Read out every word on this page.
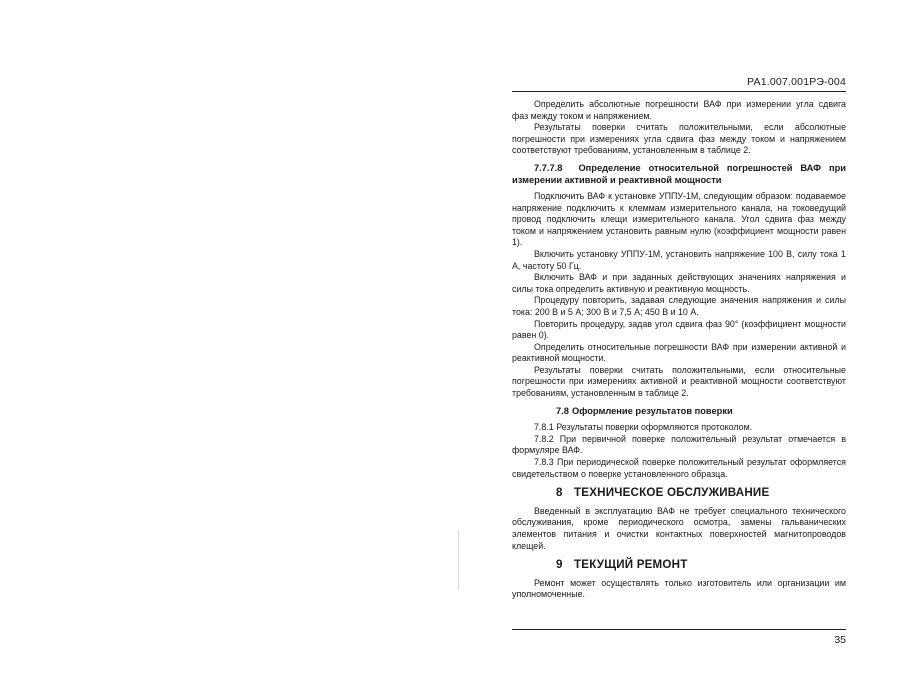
РА1.007.001РЭ-004

Определить абсолютные погрешности ВАФ при измерении угла сдвига фаз между током и напряжением.

Результаты поверки считать положительными, если абсолютные погрешности при измерениях угла сдвига фаз между током и напряжением соответствуют требованиям, установленным в таблице 2.

7.7.7.8 Определение относительной погрешностей ВАФ при измерении активной и реактивной мощности

Подключить ВАФ к установке УППУ-1М, следующим образом: подаваемое напряжение подключить к клеммам измерительного канала, на токоведущий провод подключить клещи измерительного канала. Угол сдвига фаз между током и напряжением установить равным нулю (коэффициент мощности равен 1).

Включить установку УППУ-1М, установить напряжение 100 В, силу тока 1 А, частоту 50 Гц.

Включить ВАФ и при заданных действующих значениях напряжения и силы тока определить активную и реактивную мощность.

Процедуру повторить, задавая следующие значения напряжения и силы тока: 200 В и 5 А; 300 В и 7,5 А; 450 В и 10 А.

Повторить процедуру, задав угол сдвига фаз 90° (коэффициент мощности равен 0).

Определить относительные погрешности ВАФ при измерении активной и реактивной мощности.

Результаты поверки считать положительными, если относительные погрешности при измерениях активной и реактивной мощности соответствуют требованиям, установленным в таблице 2.

7.8 Оформление результатов поверки

7.8.1 Результаты поверки оформляются протоколом.

7.8.2 При первичной поверке положительный результат отмечается в формуляре ВАФ.

7.8.3 При периодической поверке положительный результат оформляется свидетельством о поверке установленного образца.

8 ТЕХНИЧЕСКОЕ ОБСЛУЖИВАНИЕ

Введенный в эксплуатацию ВАФ не требует специального технического обслуживания, кроме периодического осмотра, замены гальванических элементов питания и очистки контактных поверхностей магнитопроводов клещей.

9 ТЕКУЩИЙ РЕМОНТ

Ремонт может осуществлять только изготовитель или организации им уполномоченные.

35
